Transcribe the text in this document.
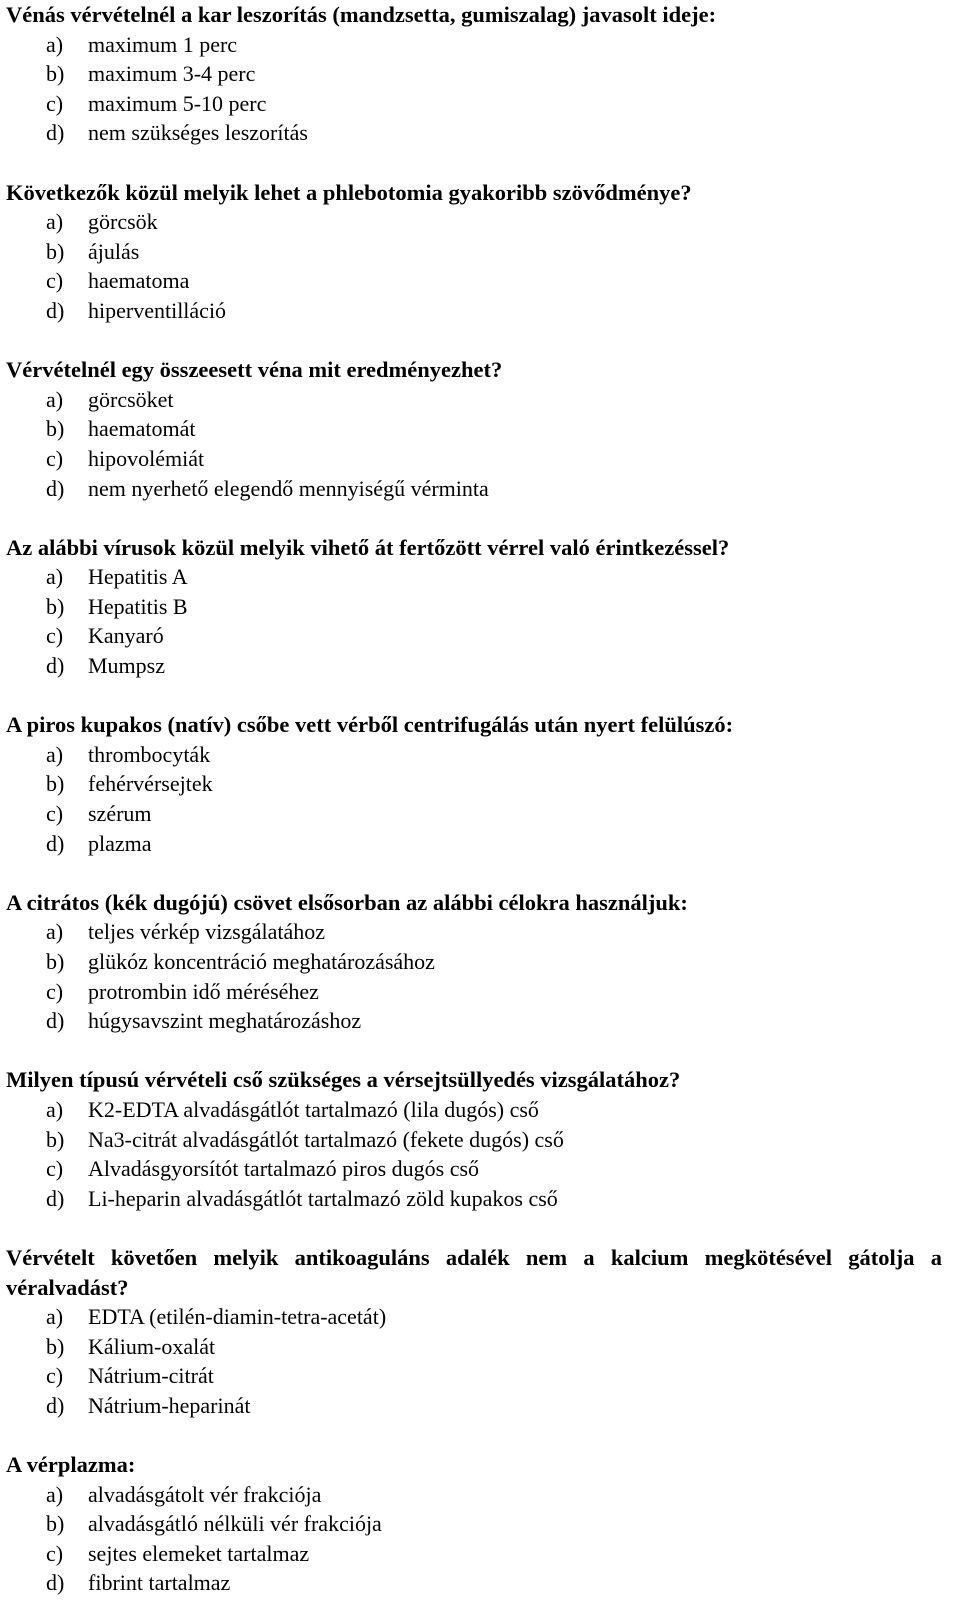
Vénás vérvételnél a kar leszorítás (mandzsetta, gumiszalag) javasolt ideje:

a) maximum 1 perc
b) maximum 3-4 perc
c) maximum 5-10 perc
d) nem szükséges leszorítás

Következők közül melyik lehet a phlebotomia gyakoribb szövődménye?

a) görcsök
b) ájulás
c) haematoma
d) hiperventilláció

Vérvételnél egy összeesett véna mit eredményezhet?

a) görcsöket
b) haematomát
c) hipovolémiát
d) nem nyerhető elegendő mennyiségű vérminta

Az alábbi vírusok közül melyik vihető át fertőzött vérrel való érintkezéssel?

a) Hepatitis A
b) Hepatitis B
c) Kanyaró
d) Mumpsz

A piros kupakos (natív) csőbe vett vérből centrifugálás után nyert felülúszó:

a) thrombocyták
b) fehérvérsejtek
c) szérum
d) plazma

A citrátos (kék dugójú) csövet elsősorban az alábbi célokra használjuk:

a) teljes vérkép vizsgálatához
b) glükóz koncentráció meghatározásához
c) protrombin idő méréséhez
d) húgysavszint meghatározáshoz

Milyen típusú vérvételi cső szükséges a vérsejtsüllyedés vizsgálatához?

a) K2-EDTA alvadásgátlót tartalmazó (lila dugós) cső
b) Na3-citrát alvadásgátlót tartalmazó (fekete dugós) cső
c) Alvadásgyorsítót tartalmazó piros dugós cső
d) Li-heparin alvadásgátlót tartalmazó zöld kupakos cső

Vérvételt követően melyik antikoaguláns adalék nem a kalcium megkötésével gátolja a véralvadást?

a) EDTA (etilén-diamin-tetra-acetát)
b) Kálium-oxalát
c) Nátrium-citrát
d) Nátrium-heparinát

A vérplazma:

a) alvadásgátolt vér frakciója
b) alvadásgátló nélküli vér frakciója
c) sejtes elemeket tartalmaz
d) fibrint tartalmaz
